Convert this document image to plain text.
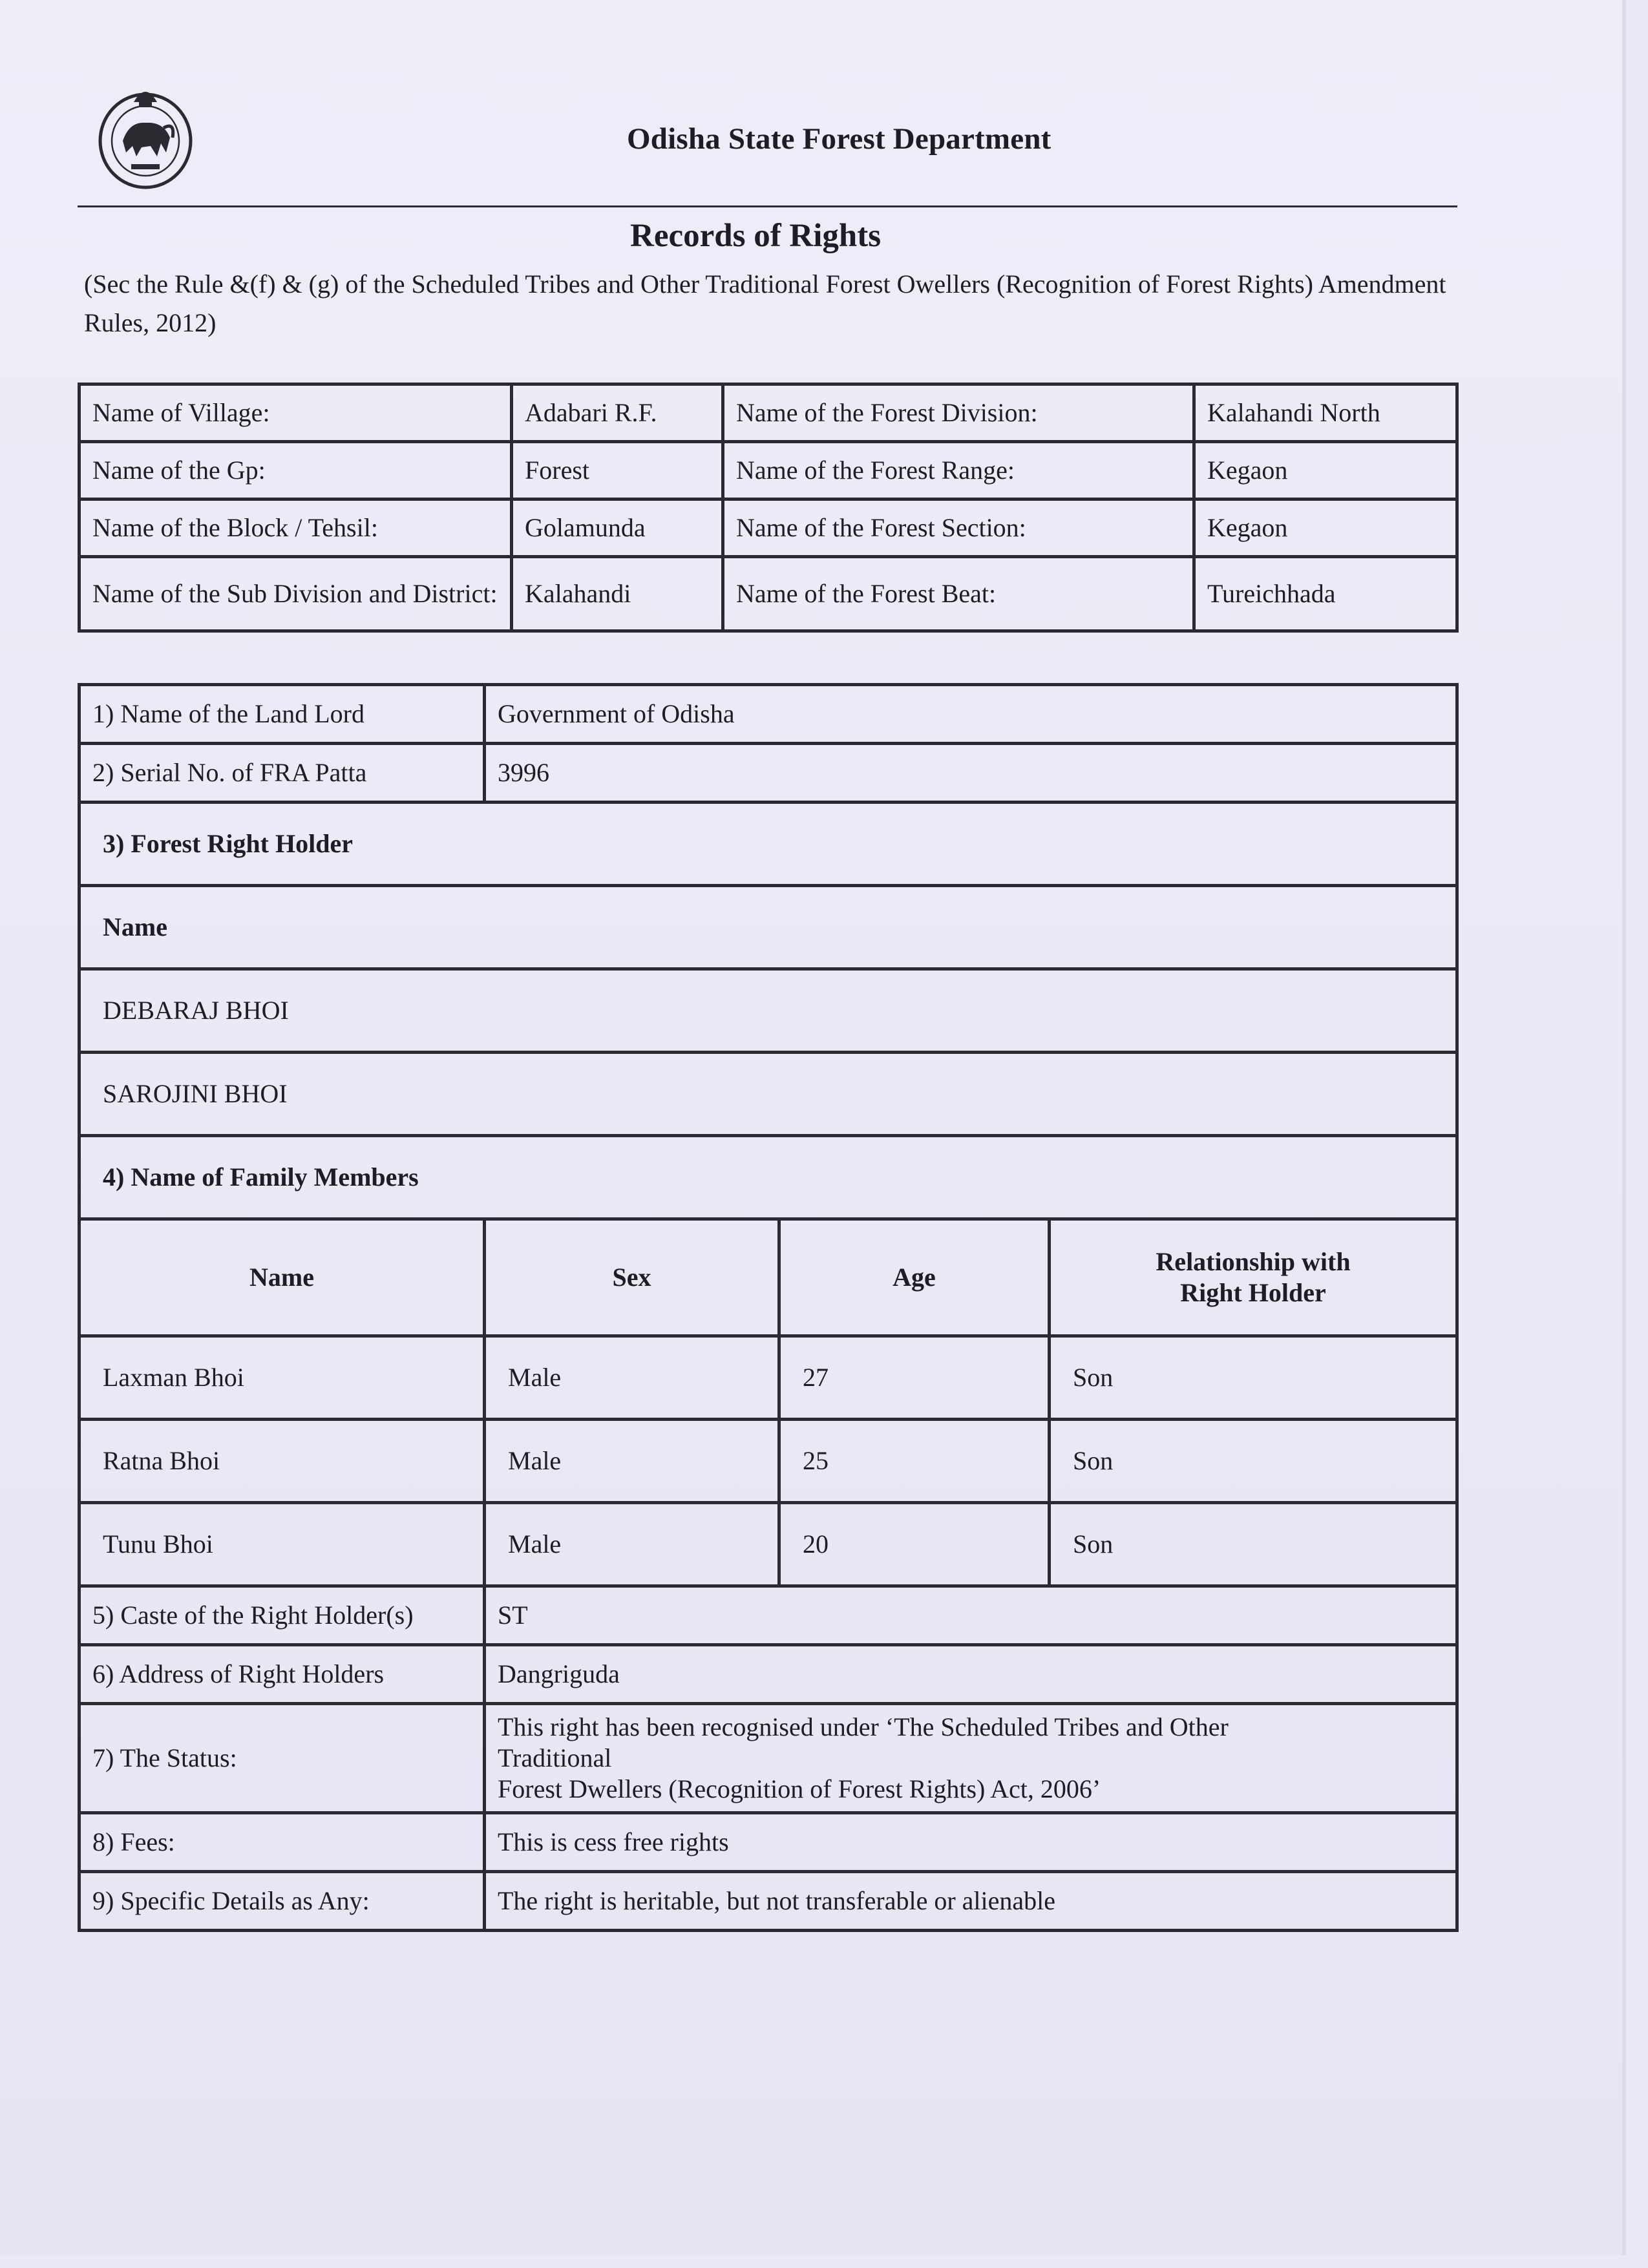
Odisha State Forest Department
Records of Rights
(Sec the Rule &(f) & (g) of the Scheduled Tribes and Other Traditional Forest Owellers (Recognition of Forest Rights) Amendment Rules, 2012)
Name of Village:	Adabari R.F.	Name of the Forest Division:	Kalahandi North
Name of the Gp:	Forest	Name of the Forest Range:	Kegaon
Name of the Block / Tehsil:	Golamunda	Name of the Forest Section:	Kegaon
Name of the Sub Division and District:	Kalahandi	Name of the Forest Beat:	Tureichhada
1) Name of the Land Lord	Government of Odisha		
2) Serial No. of FRA Patta	3996		
3) Forest Right Holder			
Name			
DEBARAJ BHOI			
SAROJINI BHOI			
4) Name of Family Members			
Name	Sex	Age	Relationship with
Right Holder

Laxman Bhoi	Male	27	Son
Ratna Bhoi	Male	25	Son
Tunu Bhoi	Male	20	Son
5) Caste of the Right Holder(s)	ST		
6) Address of Right Holders	Dangriguda		
7) The Status:	This right has been recognised under ‘The Scheduled Tribes and Other
Traditional
Forest Dwellers (Recognition of Forest Rights) Act, 2006’		

8) Fees:	This is cess free rights		
9) Specific Details as Any:	The right is heritable, but not transferable or alienable		
